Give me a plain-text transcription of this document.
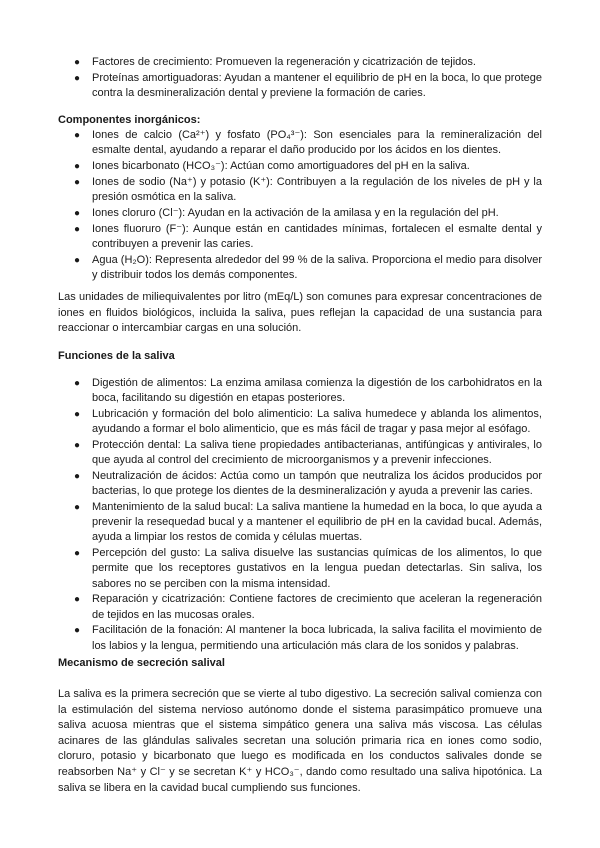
● Factores de crecimiento: Promueven la regeneración y cicatrización de tejidos.
● Proteínas amortiguadoras: Ayudan a mantener el equilibrio de pH en la boca, lo que protege contra la desmineralización dental y previene la formación de caries.
Componentes inorgánicos:
● Iones de calcio (Ca²⁺) y fosfato (PO₄³⁻): Son esenciales para la remineralización del esmalte dental, ayudando a reparar el daño producido por los ácidos en los dientes.
● Iones bicarbonato (HCO₃⁻): Actúan como amortiguadores del pH en la saliva.
● Iones de sodio (Na⁺) y potasio (K⁺): Contribuyen a la regulación de los niveles de pH y la presión osmótica en la saliva.
● Iones cloruro (Cl⁻): Ayudan en la activación de la amilasa y en la regulación del pH.
● Iones fluoruro (F⁻): Aunque están en cantidades mínimas, fortalecen el esmalte dental y contribuyen a prevenir las caries.
● Agua (H₂O): Representa alrededor del 99 % de la saliva. Proporciona el medio para disolver y distribuir todos los demás componentes.

Las unidades de miliequivalentes por litro (mEq/L) son comunes para expresar concentraciones de iones en fluidos biológicos, incluida la saliva, pues reflejan la capacidad de una sustancia para reaccionar o intercambiar cargas en una solución.

Funciones de la saliva
● Digestión de alimentos: La enzima amilasa comienza la digestión de los carbohidratos en la boca, facilitando su digestión en etapas posteriores.
● Lubricación y formación del bolo alimenticio: La saliva humedece y ablanda los alimentos, ayudando a formar el bolo alimenticio, que es más fácil de tragar y pasa mejor al esófago.
● Protección dental: La saliva tiene propiedades antibacterianas, antifúngicas y antivirales, lo que ayuda al control del crecimiento de microorganismos y a prevenir infecciones.
● Neutralización de ácidos: Actúa como un tampón que neutraliza los ácidos producidos por bacterias, lo que protege los dientes de la desmineralización y ayuda a prevenir las caries.
● Mantenimiento de la salud bucal: La saliva mantiene la humedad en la boca, lo que ayuda a prevenir la resequedad bucal y a mantener el equilibrio de pH en la cavidad bucal. Además, ayuda a limpiar los restos de comida y células muertas.
● Percepción del gusto: La saliva disuelve las sustancias químicas de los alimentos, lo que permite que los receptores gustativos en la lengua puedan detectarlas. Sin saliva, los sabores no se perciben con la misma intensidad.
● Reparación y cicatrización: Contiene factores de crecimiento que aceleran la regeneración de tejidos en las mucosas orales.
● Facilitación de la fonación: Al mantener la boca lubricada, la saliva facilita el movimiento de los labios y la lengua, permitiendo una articulación más clara de los sonidos y palabras.
Mecanismo de secreción salival

La saliva es la primera secreción que se vierte al tubo digestivo. La secreción salival comienza con la estimulación del sistema nervioso autónomo donde el sistema parasimpático promueve una saliva acuosa mientras que el sistema simpático genera una saliva más viscosa. Las células acinares de las glándulas salivales secretan una solución primaria rica en iones como sodio, cloruro, potasio y bicarbonato que luego es modificada en los conductos salivales donde se reabsorben Na⁺ y Cl⁻ y se secretan K⁺ y HCO₃⁻, dando como resultado una saliva hipotónica. La saliva se libera en la cavidad bucal cumpliendo sus funciones.
